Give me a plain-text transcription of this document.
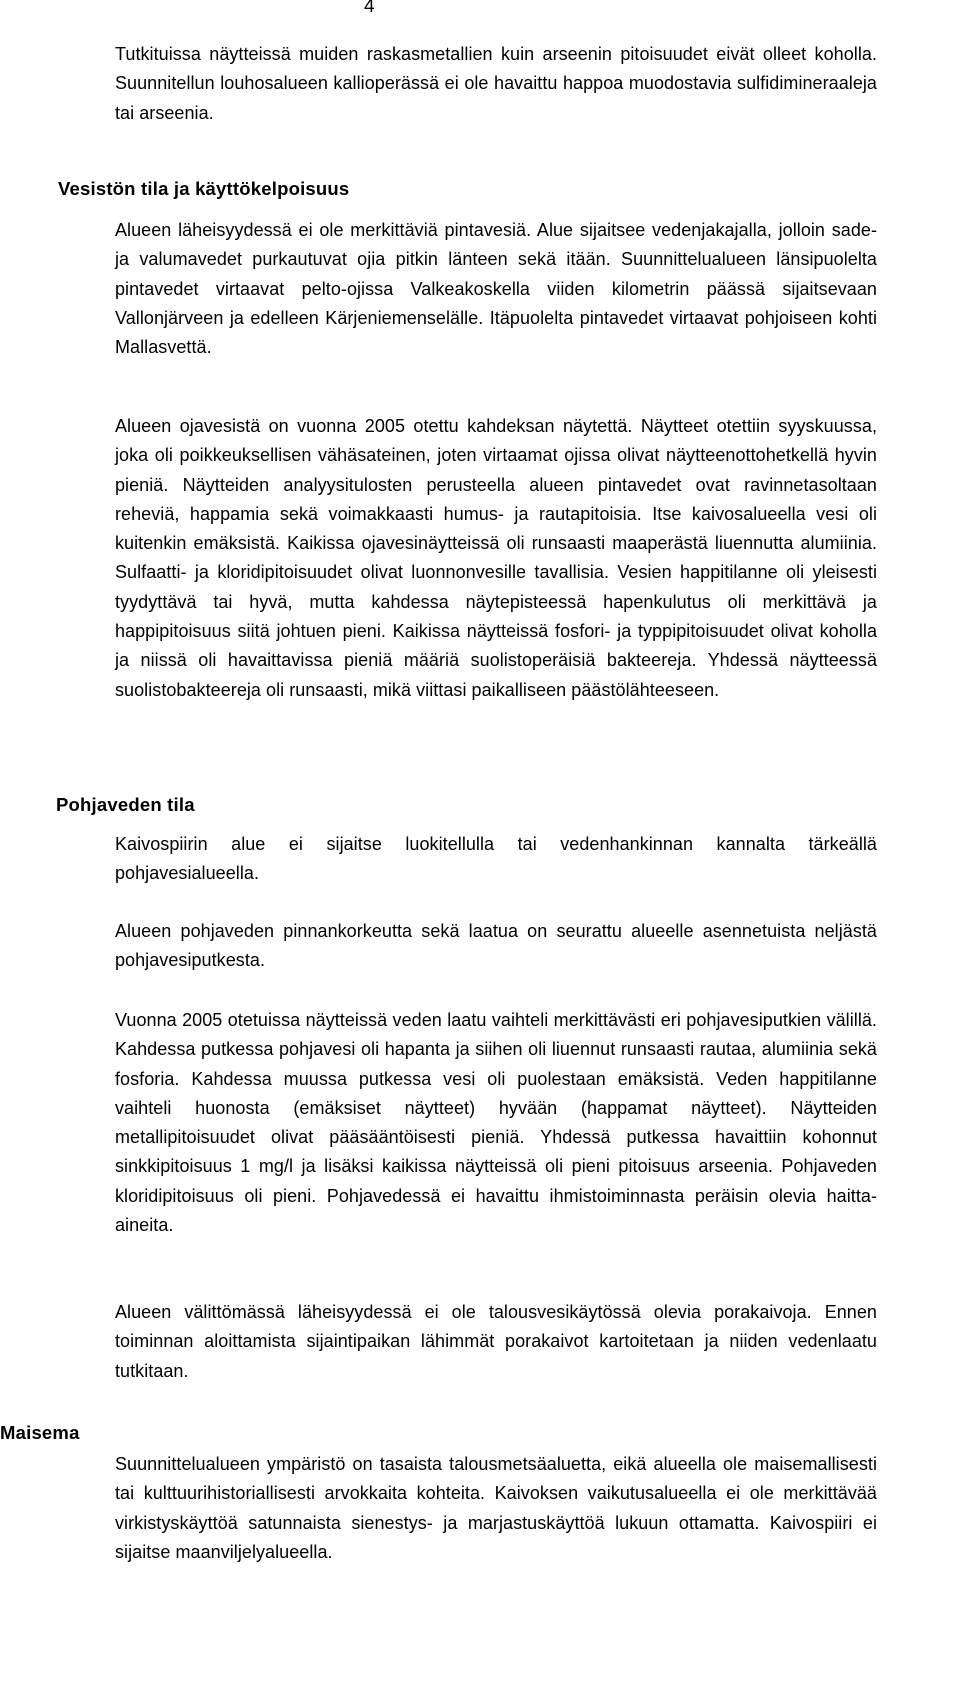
4

Tutkituissa näytteissä muiden raskasmetallien kuin arseenin pitoisuudet eivät olleet koholla. Suunnitellun louhosalueen kallioperässä ei ole havaittu happoa muodostavia sulfidimineraaleja tai arseenia.

Vesistön tila ja käyttökelpoisuus

Alueen läheisyydessä ei ole merkittäviä pintavesiä. Alue sijaitsee vedenjakajalla, jolloin sade- ja valumavedet purkautuvat ojia pitkin länteen sekä itään. Suunnittelualueen länsipuolelta pintavedet virtaavat pelto-ojissa Valkeakoskella viiden kilometrin päässä sijaitsevaan Vallonjärveen ja edelleen Kärjeniemenselälle. Itäpuolelta pintavedet virtaavat pohjoiseen kohti Mallasvettä.

Alueen ojavesistä on vuonna 2005 otettu kahdeksan näytettä. Näytteet otettiin syyskuussa, joka oli poikkeuksellisen vähäsateinen, joten virtaamat ojissa olivat näytteenottohetkellä hyvin pieniä. Näytteiden analyysitulosten perusteella alueen pintavedet ovat ravinnetasoltaan reheviä, happamia sekä voimakkaasti humus- ja rautapitoisia. Itse kaivosalueella vesi oli kuitenkin emäksistä. Kaikissa ojavesinäytteissä oli runsaasti maaperästä liuennutta alumiinia. Sulfaatti- ja kloridipitoisuudet olivat luonnonvesille tavallisia. Vesien happitilanne oli yleisesti tyydyttävä tai hyvä, mutta kahdessa näytepisteessä hapenkulutus oli merkittävä ja happipitoisuus siitä johtuen pieni. Kaikissa näytteissä fosfori- ja typpipitoisuudet olivat koholla ja niissä oli havaittavissa pieniä määriä suolistoperäisiä bakteereja. Yhdessä näytteessä suolistobakteereja oli runsaasti, mikä viittasi paikalliseen päästölähteeseen.

Pohjaveden tila

Kaivospiirin alue ei sijaitse luokitellulla tai vedenhankinnan kannalta tärkeällä pohjavesialueella.

Alueen pohjaveden pinnankorkeutta sekä laatua on seurattu alueelle asennetuista neljästä pohjavesiputkesta.

Vuonna 2005 otetuissa näytteissä veden laatu vaihteli merkittävästi eri pohjavesiputkien välillä. Kahdessa putkessa pohjavesi oli hapanta ja siihen oli liuennut runsaasti rautaa, alumiinia sekä fosforia. Kahdessa muussa putkessa vesi oli puolestaan emäksistä. Veden happitilanne vaihteli huonosta (emäksiset näytteet) hyvään (happamat näytteet). Näytteiden metallipitoisuudet olivat pääsääntöisesti pieniä. Yhdessä putkessa havaittiin kohonnut sinkkipitoisuus 1 mg/l ja lisäksi kaikissa näytteissä oli pieni pitoisuus arseenia. Pohjaveden kloridipitoisuus oli pieni. Pohjavedessä ei havaittu ihmistoiminnasta peräisin olevia haitta-aineita.

Alueen välittömässä läheisyydessä ei ole talousvesikäytössä olevia porakaivoja. Ennen toiminnan aloittamista sijaintipaikan lähimmät porakaivot kartoitetaan ja niiden vedenlaatu tutkitaan.

Maisema

Suunnittelualueen ympäristö on tasaista talousmetsäaluetta, eikä alueella ole maisemallisesti tai kulttuurihistoriallisesti arvokkaita kohteita. Kaivoksen vaikutusalueella ei ole merkittävää virkistyskäyttöä satunnaista sienestys- ja marjastuskäyttöä lukuun ottamatta. Kaivospiiri ei sijaitse maanviljelyalueella.
